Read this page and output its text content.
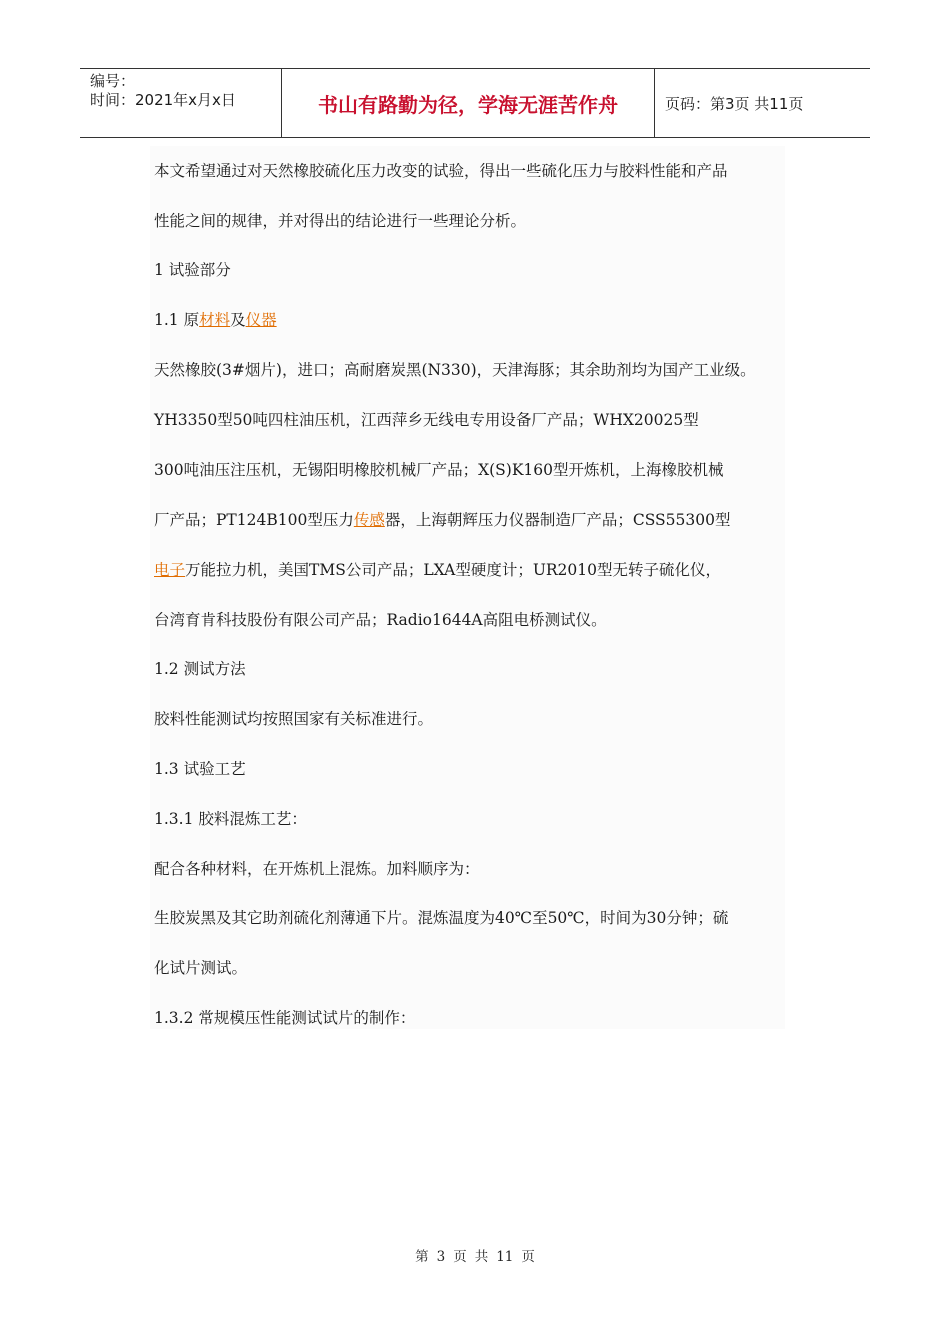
编号：
时间：2021年x月x日	书山有路勤为径，学海无涯苦作舟	页码：第3页 共11页
本文希望通过对天然橡胶硫化压力改变的试验，得出一些硫化压力与胶料性能和产品
性能之间的规律，并对得出的结论进行一些理论分析。
1 试验部分
1.1 原材料及仪器
天然橡胶(3#烟片)，进口；高耐磨炭黑(N330)，天津海豚；其余助剂均为国产工业级。
YH3350型50吨四柱油压机，江西萍乡无线电专用设备厂产品；WHX20025型
300吨油压注压机，无锡阳明橡胶机械厂产品；X(S)K160型开炼机，上海橡胶机械
厂产品；PT124B100型压力传感器，上海朝辉压力仪器制造厂产品；CSS55300型
电子万能拉力机，美国TMS公司产品；LXA型硬度计；UR2010型无转子硫化仪，
台湾育肯科技股份有限公司产品；Radio1644A高阻电桥测试仪。
1.2 测试方法
胶料性能测试均按照国家有关标准进行。
1.3 试验工艺
1.3.1 胶料混炼工艺：
配合各种材料，在开炼机上混炼。加料顺序为：
生胶炭黑及其它助剂硫化剂薄通下片。混炼温度为40℃至50℃，时间为30分钟；硫
化试片测试。
1.3.2 常规模压性能测试试片的制作：
第 3 页 共 11 页
